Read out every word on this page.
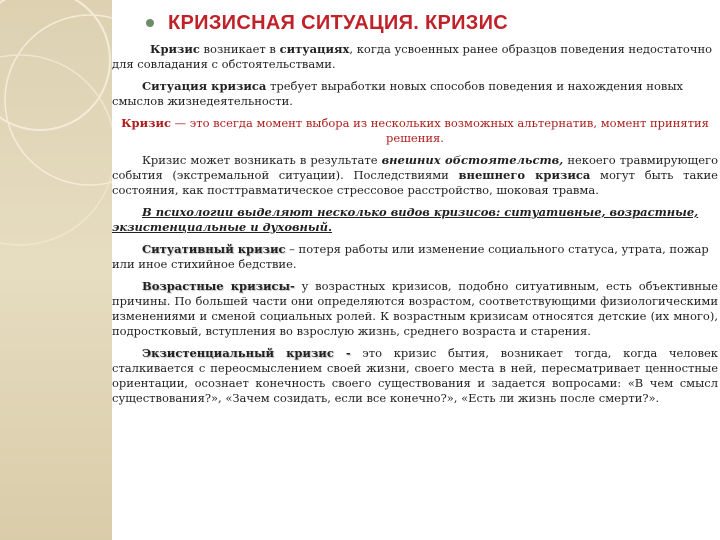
КРИЗИСНАЯ СИТУАЦИЯ. КРИЗИС

Кризис возникает в ситуациях, когда усвоенных ранее образцов поведения недостаточно для совладания с обстоятельствами.

Ситуация кризиса требует выработки новых способов поведения и нахождения новых смыслов жизнедеятельности.

Кризис — это всегда момент выбора из нескольких возможных альтернатив, момент принятия решения.

Кризис может возникать в результате внешних обстоятельств, некоего травмирующего события (экстремальной ситуации). Последствиями внешнего кризиса могут быть такие состояния, как посттравматическое стрессовое расстройство, шоковая травма.

В психологии выделяют несколько видов кризисов: ситуативные, возрастные, экзистенциальные и духовный.

Ситуативный кризис – потеря работы или изменение социального статуса, утрата, пожар или иное стихийное бедствие.

Возрастные кризисы- у возрастных кризисов, подобно ситуативным, есть объективные причины. По большей части они определяются возрастом, соответствующими физиологическими изменениями и сменой социальных ролей. К возрастным кризисам относятся детские (их много), подростковый, вступления во взрослую жизнь, среднего возраста и старения.

Экзистенциальный кризис - это кризис бытия, возникает тогда, когда человек сталкивается с переосмыслением своей жизни, своего места в ней, пересматривает ценностные ориентации, осознает конечность своего существования и задается вопросами: «В чем смысл существования?», «Зачем созидать, если все конечно?», «Есть ли жизнь после смерти?».
